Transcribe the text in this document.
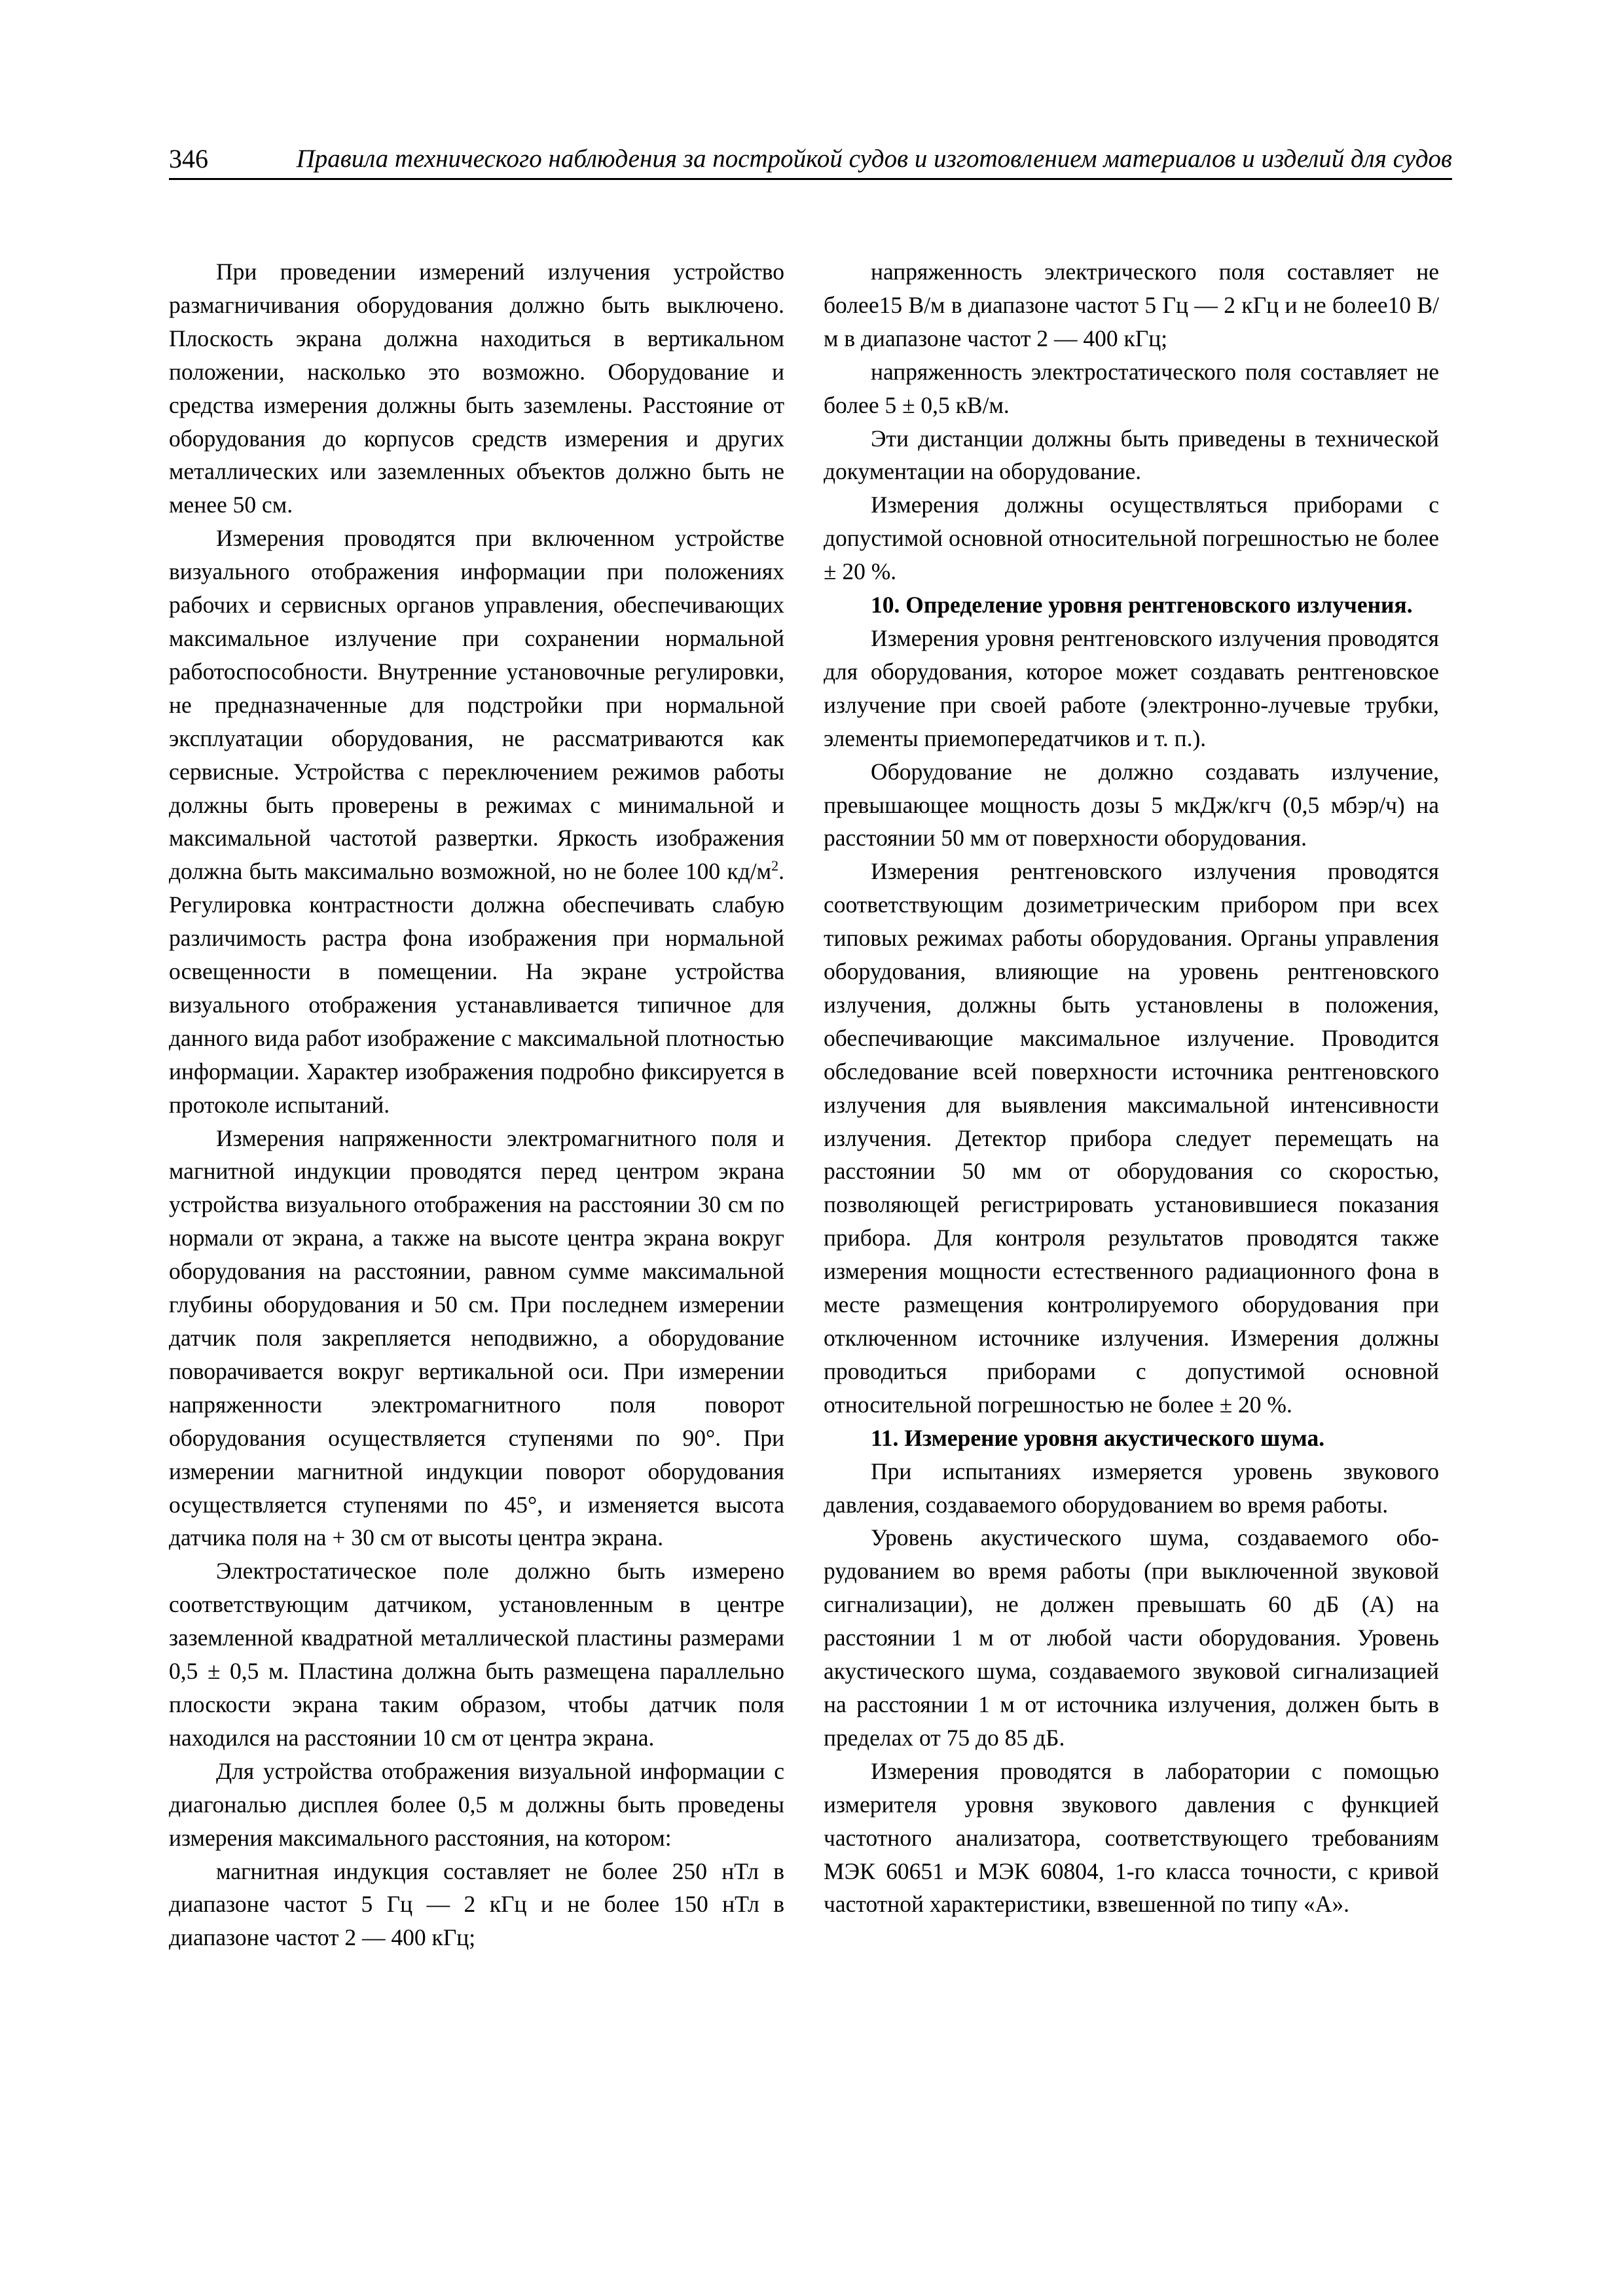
346	Правила технического наблюдения за постройкой судов и изготовлением материалов и изделий для судов

При проведении измерений излучения устройство размагничивания оборудования должно быть выключено. Плоскость экрана должна находиться в вертикальном положении, насколько это возможно. Оборудование и средства измерения должны быть заземлены. Расстояние от оборудования до корпусов средств измерения и других металлических или заземленных объектов должно быть не менее 50 см.

Измерения проводятся при включенном устройстве визуального отображения информации при положениях рабочих и сервисных органов управления, обеспечивающих максимальное излучение при сохранении нормальной работоспособности. Внутренние установочные регулировки, не предназначенные для подстройки при нормальной эксплуатации оборудования, не рассматриваются как сервисные. Устройства с переключением режимов работы должны быть проверены в режимах с минимальной и максимальной частотой развертки. Яркость изображения должна быть максимально возможной, но не более 100 $кд/м^2$. Регулировка контрастности должна обеспечивать слабую различимость растра фона изображения при нормальной освещенности в помещении. На экране устройства визуального отображения устанавливается типичное для данного вида работ изображение с максимальной плотностью информации. Характер изображения подробно фиксируется в протоколе испытаний.

Измерения напряженности электромагнитного поля и магнитной индукции проводятся перед центром экрана устройства визуального отображения на расстоянии 30 см по нормали от экрана, а также на высоте центра экрана вокруг оборудования на расстоянии, равном сумме максимальной глубины оборудования и 50 см. При последнем измерении датчик поля закрепляется неподвижно, а оборудование поворачивается вокруг вертикальной оси. При измерении напряженности электромагнитного поля поворот оборудования осуществляется ступенями по 90°. При измерении магнитной индукции поворот оборудования осуществляется ступенями по 45°, и изменяется высота датчика поля на + 30 см от высоты центра экрана.

Электростатическое поле должно быть измерено соответствующим датчиком, установленным в центре заземленной квадратной металлической пластины размерами 0,5 ± 0,5 м. Пластина должна быть размещена параллельно плоскости экрана таким образом, чтобы датчик поля находился на расстоянии 10 см от центра экрана.

Для устройства отображения визуальной информации с диагональю дисплея более 0,5 м должны быть проведены измерения максимального расстояния, на котором:

магнитная индукция составляет не более 250 нТл в диапазоне частот 5 Гц — 2 кГц и не более 150 нТл в диапазоне частот 2 — 400 кГц;

напряженность электрического поля составляет не более15 В/м в диапазоне частот 5 Гц — 2 кГц и не более10 В/м в диапазоне частот 2 — 400 кГц;

напряженность электростатического поля составляет не более 5 ± 0,5 кВ/м.

Эти дистанции должны быть приведены в технической документации на оборудование.

Измерения должны осуществляться приборами с допустимой основной относительной погрешностью не более ± 20 %.

10. Определение уровня рентгеновского излучения.

Измерения уровня рентгеновского излучения проводятся для оборудования, которое может создавать рентгеновское излучение при своей работе (электронно-лучевые трубки, элементы приемопередатчиков и т. п.).

Оборудование не должно создавать излучение, превышающее мощность дозы 5 мкДж/кгч (0,5 мбэр/ч) на расстоянии 50 мм от поверхности оборудования.

Измерения рентгеновского излучения проводятся соответствующим дозиметрическим прибором при всех типовых режимах работы оборудования. Органы управления оборудования, влияющие на уровень рентгеновского излучения, должны быть установлены в положения, обеспечивающие максимальное излучение. Проводится обследование всей поверхности источника рентгеновского излучения для выявления максимальной интенсивности излучения. Детектор прибора следует перемещать на расстоянии 50 мм от оборудования со скоростью, позволяющей регистрировать установившиеся показания прибора. Для контроля результатов проводятся также измерения мощности естественного радиационного фона в месте размещения контролируемого оборудования при отключенном источнике излучения. Измерения должны проводиться приборами с допустимой основной относительной погрешностью не более ± 20 %.

11. Измерение уровня акустического шума.

При испытаниях измеряется уровень звукового давления, создаваемого оборудованием во время работы.

Уровень акустического шума, создаваемого оборудованием во время работы (при выключенной звуковой сигнализации), не должен превышать 60 дБ (А) на расстоянии 1 м от любой части оборудования. Уровень акустического шума, создаваемого звуковой сигнализацией на расстоянии 1 м от источника излучения, должен быть в пределах от 75 до 85 дБ.

Измерения проводятся в лаборатории с помощью измерителя уровня звукового давления с функцией частотного анализатора, соответствующего требованиям МЭК 60651 и МЭК 60804, 1-го класса точности, с кривой частотной характеристики, взвешенной по типу «А».
